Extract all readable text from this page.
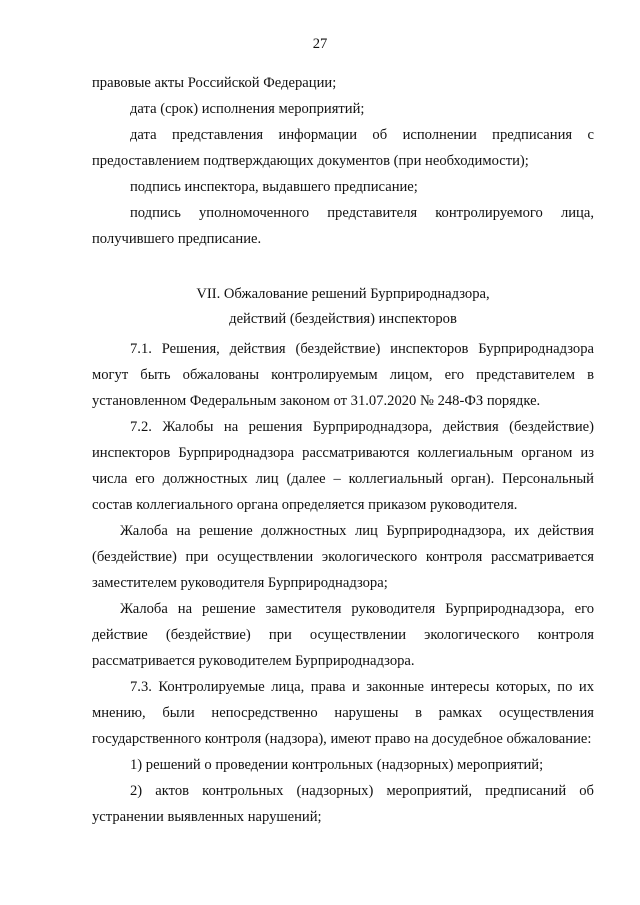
27

правовые акты Российской Федерации;

дата (срок) исполнения мероприятий;

дата представления информации об исполнении предписания с предоставлением подтверждающих документов (при необходимости);

подпись инспектора, выдавшего предписание;

подпись уполномоченного представителя контролируемого лица, получившего предписание.

VII. Обжалование решений Бурприроднадзора,
действий (бездействия) инспекторов

7.1. Решения, действия (бездействие) инспекторов Бурприроднадзора могут быть обжалованы контролируемым лицом, его представителем в установленном Федеральным законом от 31.07.2020 № 248-ФЗ порядке.

7.2. Жалобы на решения Бурприроднадзора, действия (бездействие) инспекторов Бурприроднадзора рассматриваются коллегиальным органом из числа его должностных лиц (далее – коллегиальный орган). Персональный состав коллегиального органа определяется приказом руководителя.

Жалоба на решение должностных лиц Бурприроднадзора, их действия (бездействие) при осуществлении экологического контроля рассматривается заместителем руководителя Бурприроднадзора;

Жалоба на решение заместителя руководителя Бурприроднадзора, его действие (бездействие) при осуществлении экологического контроля рассматривается руководителем Бурприроднадзора.

7.3. Контролируемые лица, права и законные интересы которых, по их мнению, были непосредственно нарушены в рамках осуществления государственного контроля (надзора), имеют право на досудебное обжалование:

1) решений о проведении контрольных (надзорных) мероприятий;

2) актов контрольных (надзорных) мероприятий, предписаний об устранении выявленных нарушений;
